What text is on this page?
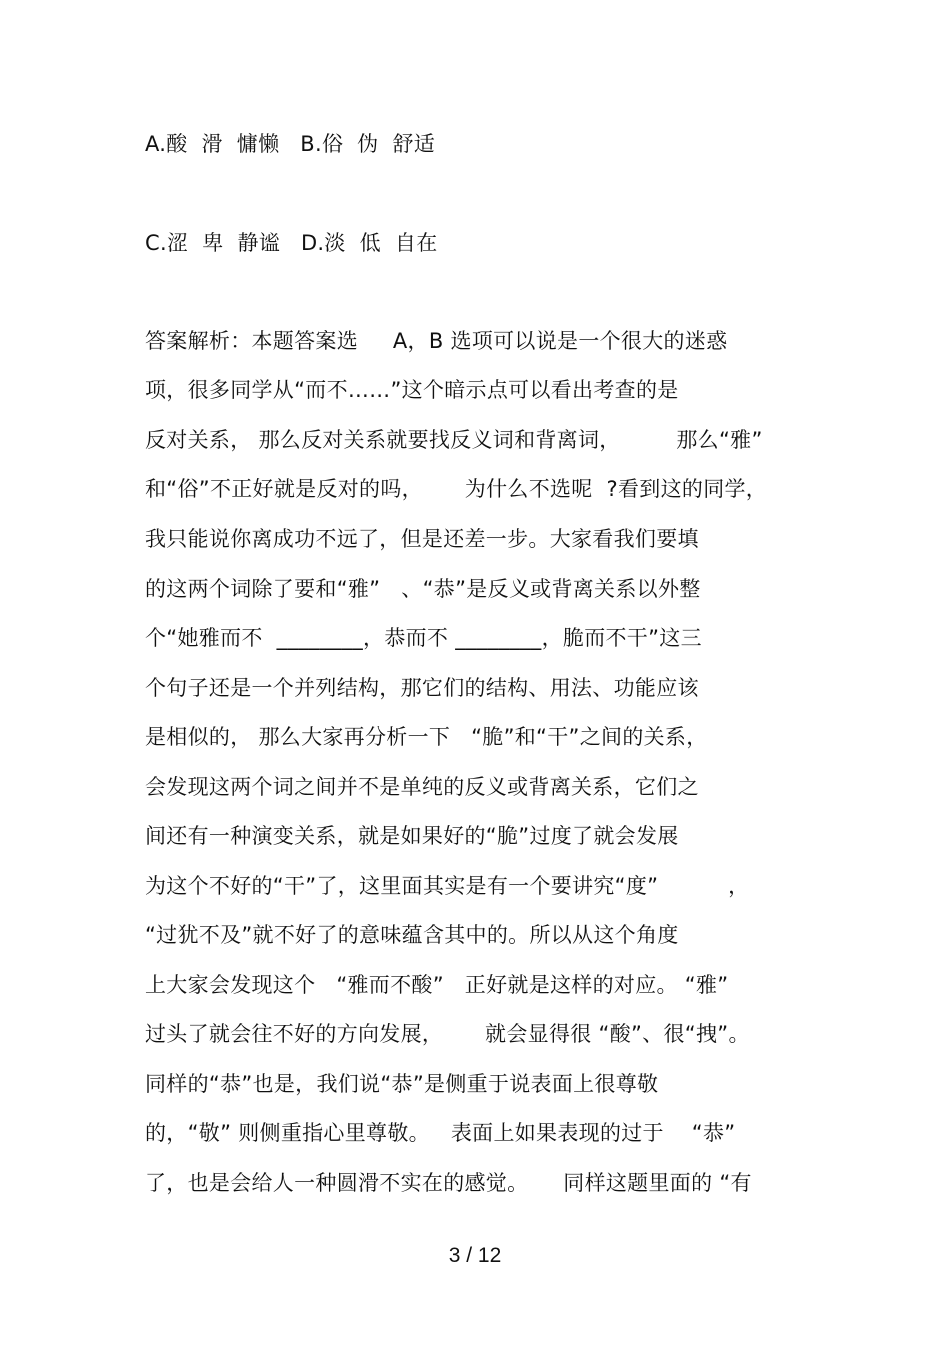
A.酸  滑  慵懒   B.俗  伪  舒适
C.涩  卑  静谧   D.淡  低  自在
答案解析：本题答案选     A，B 选项可以说是一个很大的迷惑
项，很多同学从“而不……”这个暗示点可以看出考查的是
反对关系， 那么反对关系就要找反义词和背离词，        那么“雅”
和“俗”不正好就是反对的吗，      为什么不选呢  ?看到这的同学，
我只能说你离成功不远了，但是还差一步。大家看我们要填
的这两个词除了要和“雅”   、“恭”是反义或背离关系以外整
个“她雅而不  ________，恭而不 ________，脆而不干”这三
个句子还是一个并列结构，那它们的结构、用法、功能应该
是相似的， 那么大家再分析一下   “脆”和“干”之间的关系，
会发现这两个词之间并不是单纯的反义或背离关系，它们之
间还有一种演变关系，就是如果好的“脆”过度了就会发展
为这个不好的“干”了，这里面其实是有一个要讲究“度”          ，
“过犹不及”就不好了的意味蕴含其中的。所以从这个角度
上大家会发现这个   “雅而不酸”   正好就是这样的对应。 “雅”
过头了就会往不好的方向发展，      就会显得很 “酸”、很“拽”。
同样的“恭”也是，我们说“恭”是侧重于说表面上很尊敬
的，“敬” 则侧重指心里尊敬。   表面上如果表现的过于    “恭”
了，也是会给人一种圆滑不实在的感觉。     同样这题里面的 “有
3 / 12
